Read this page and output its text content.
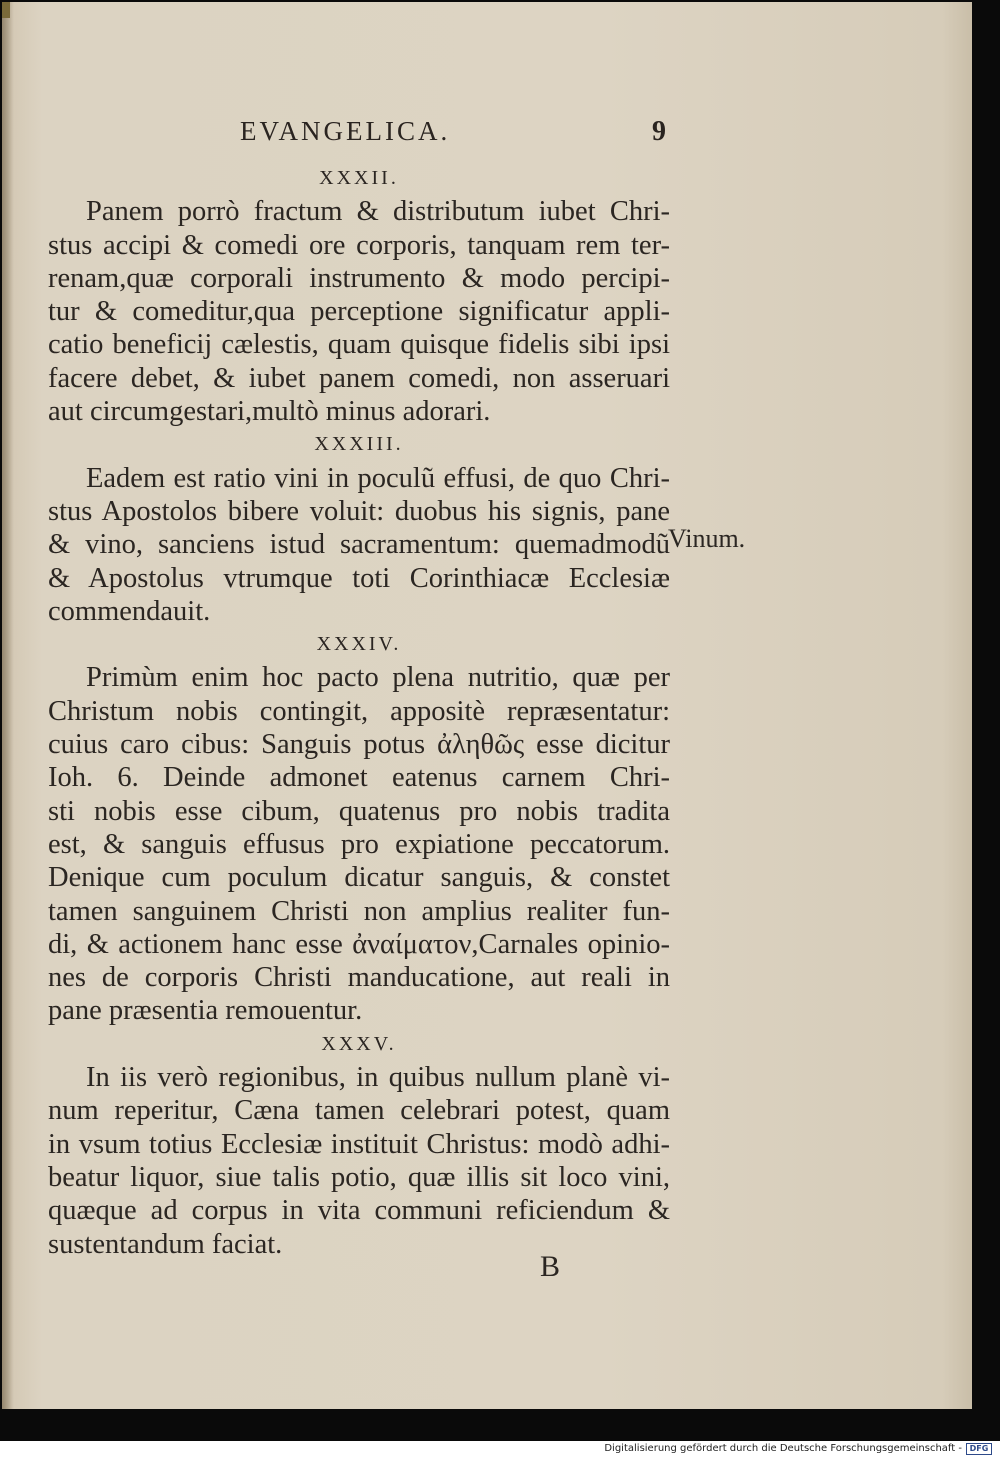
EVANGELICA.	9
XXXII.
Panem porrò fractum & distributum iubet Chri-
stus accipi & comedi ore corporis, tanquam rem ter-
renam,quæ corporali instrumento & modo percipi-
tur & comeditur,qua perceptione significatur appli-
catio beneficij cælestis, quam quisque fidelis sibi ipsi
facere debet, & iubet panem comedi, non asseruari
aut circumgestari,multò minus adorari.
XXXIII.
Eadem est ratio vini in poculũ effusi, de quo Chri-
stus Apostolos bibere voluit: duobus his signis, pane
& vino, sanciens istud sacramentum: quemadmodũ
& Apostolus vtrumque toti Corinthiacæ Ecclesiæ
commendauit.
XXXIV.
Primùm enim hoc pacto plena nutritio, quæ per
Christum nobis contingit, appositè repræsentatur:
cuius caro cibus: Sanguis potus ἀληθῶς esse dicitur
Ioh. 6. Deinde admonet eatenus carnem Chri-
sti nobis esse cibum, quatenus pro nobis tradita
est, & sanguis effusus pro expiatione peccatorum.
Denique cum poculum dicatur sanguis, & constet
tamen sanguinem Christi non amplius realiter fun-
di, & actionem hanc esse ἀναίματον,Carnales opinio-
nes de corporis Christi manducatione, aut reali in
pane præsentia remouentur.
XXXV.
In iis verò regionibus, in quibus nullum planè vi-
num reperitur, Cæna tamen celebrari potest, quam
in vsum totius Ecclesiæ instituit Christus: modò adhi-
beatur liquor, siue talis potio, quæ illis sit loco vini,
quæque ad corpus in vita communi reficiendum &
sustentandum faciat.
Vinum.
B
Digitalisierung gefördert durch die Deutsche Forschungsgemeinschaft - DFG
